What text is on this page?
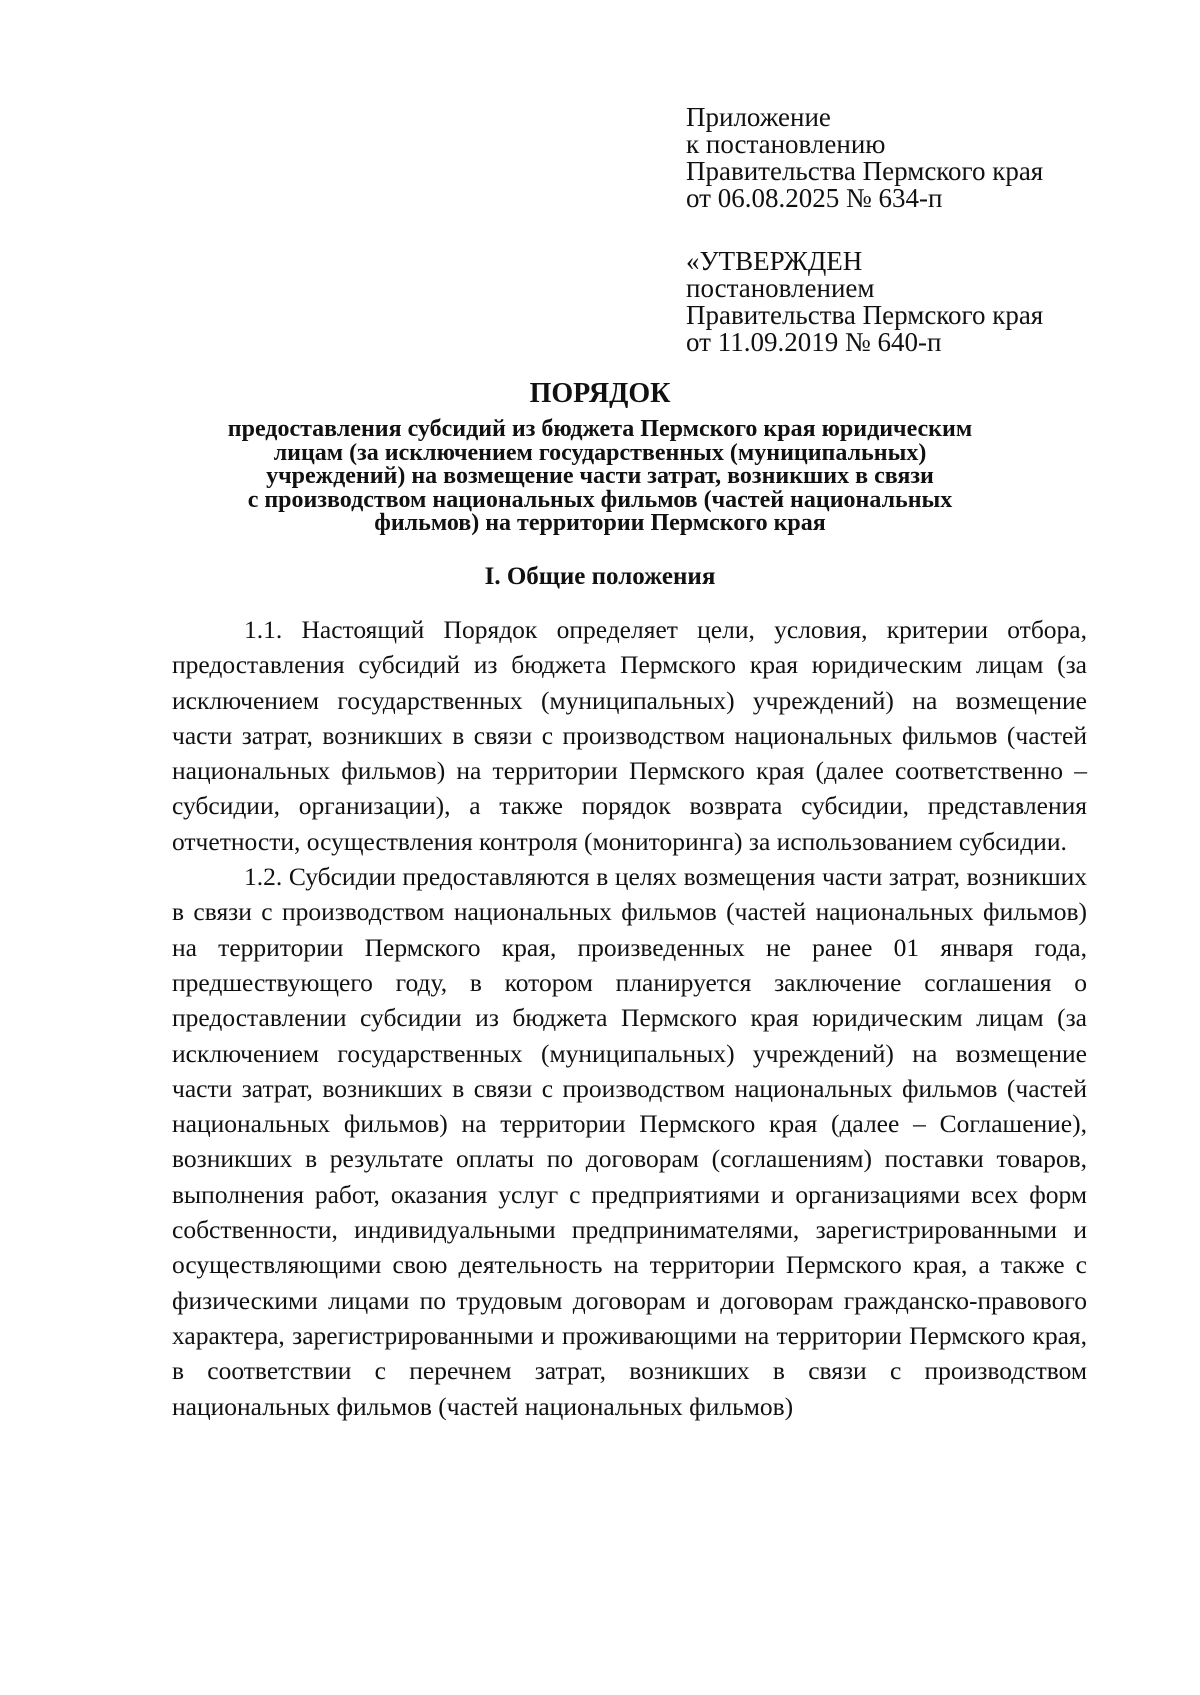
Приложение
к постановлению
Правительства Пермского края
от 06.08.2025 № 634-п
«УТВЕРЖДЕН
постановлением
Правительства Пермского края
от 11.09.2019 № 640-п
ПОРЯДОК
предоставления субсидий из бюджета Пермского края юридическим
лицам (за исключением государственных (муниципальных)
учреждений) на возмещение части затрат, возникших в связи
с производством национальных фильмов (частей национальных
фильмов) на территории Пермского края
I. Общие положения

1.1. Настоящий Порядок определяет цели, условия, критерии отбора, предоставления субсидий из бюджета Пермского края юридическим лицам (за исключением государственных (муниципальных) учреждений) на возмещение части затрат, возникших в связи с производством национальных фильмов (частей национальных фильмов) на территории Пермского края (далее соответственно – субсидии, организации), а также порядок возврата субсидии, представления отчетности, осуществления контроля (мониторинга) за использованием субсидии.

1.2. Субсидии предоставляются в целях возмещения части затрат, возникших в связи с производством национальных фильмов (частей национальных фильмов) на территории Пермского края, произведенных не ранее 01 января года, предшествующего году, в котором планируется заключение соглашения о предоставлении субсидии из бюджета Пермского края юридическим лицам (за исключением государственных (муниципальных) учреждений) на возмещение части затрат, возникших в связи с производством национальных фильмов (частей национальных фильмов) на территории Пермского края (далее – Соглашение), возникших в результате оплаты по договорам (соглашениям) поставки товаров, выполнения работ, оказания услуг с предприятиями и организациями всех форм собственности, индивидуальными предпринимателями, зарегистрированными и осуществляющими свою деятельность на территории Пермского края, а также с физическими лицами по трудовым договорам и договорам гражданско-правового характера, зарегистрированными и проживающими на территории Пермского края, в соответствии с перечнем затрат, возникших в связи с производством национальных фильмов (частей национальных фильмов)
